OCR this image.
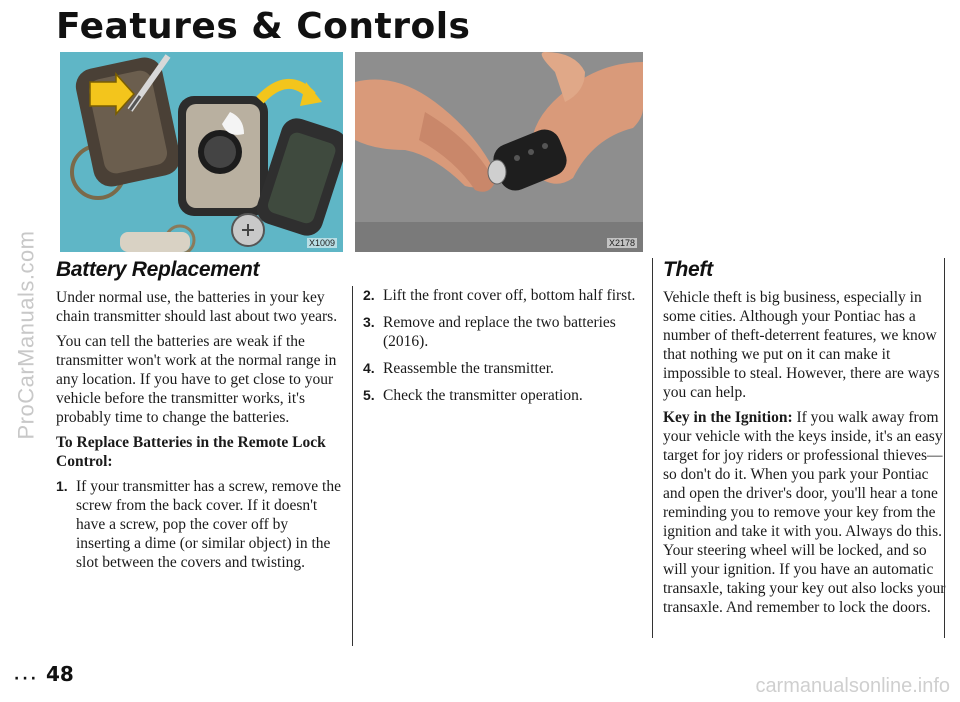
ProCarManuals.com
Features & Controls
X1009	X2178
Battery Replacement

Under normal use, the batteries in your key chain transmitter should last about two years.

You can tell the batteries are weak if the transmitter won't work at the normal range in any location. If you have to get close to your vehicle before the transmitter works, it's probably time to change the batteries.

To Replace Batteries in the Remote Lock Control:

1. If your transmitter has a screw, remove the screw from the back cover. If it doesn't have a screw, pop the cover off by inserting a dime (or similar object) in the slot between the covers and twisting.
2. Lift the front cover off, bottom half first.
3. Remove and replace the two batteries (2016).
4. Reassemble the transmitter.
5. Check the transmitter operation.
Theft

Vehicle theft is big business, especially in some cities. Although your Pontiac has a number of theft-deterrent features, we know that nothing we put on it can make it impossible to steal. However, there are ways you can help.

Key in the Ignition: If you walk away from your vehicle with the keys inside, it's an easy target for joy riders or professional thieves—so don't do it. When you park your Pontiac and open the driver's door, you'll hear a tone reminding you to remove your key from the ignition and take it with you. Always do this. Your steering wheel will be locked, and so will your ignition. If you have an automatic transaxle, taking your key out also locks your transaxle. And remember to lock the doors.

... 48	carmanualsonline.info
